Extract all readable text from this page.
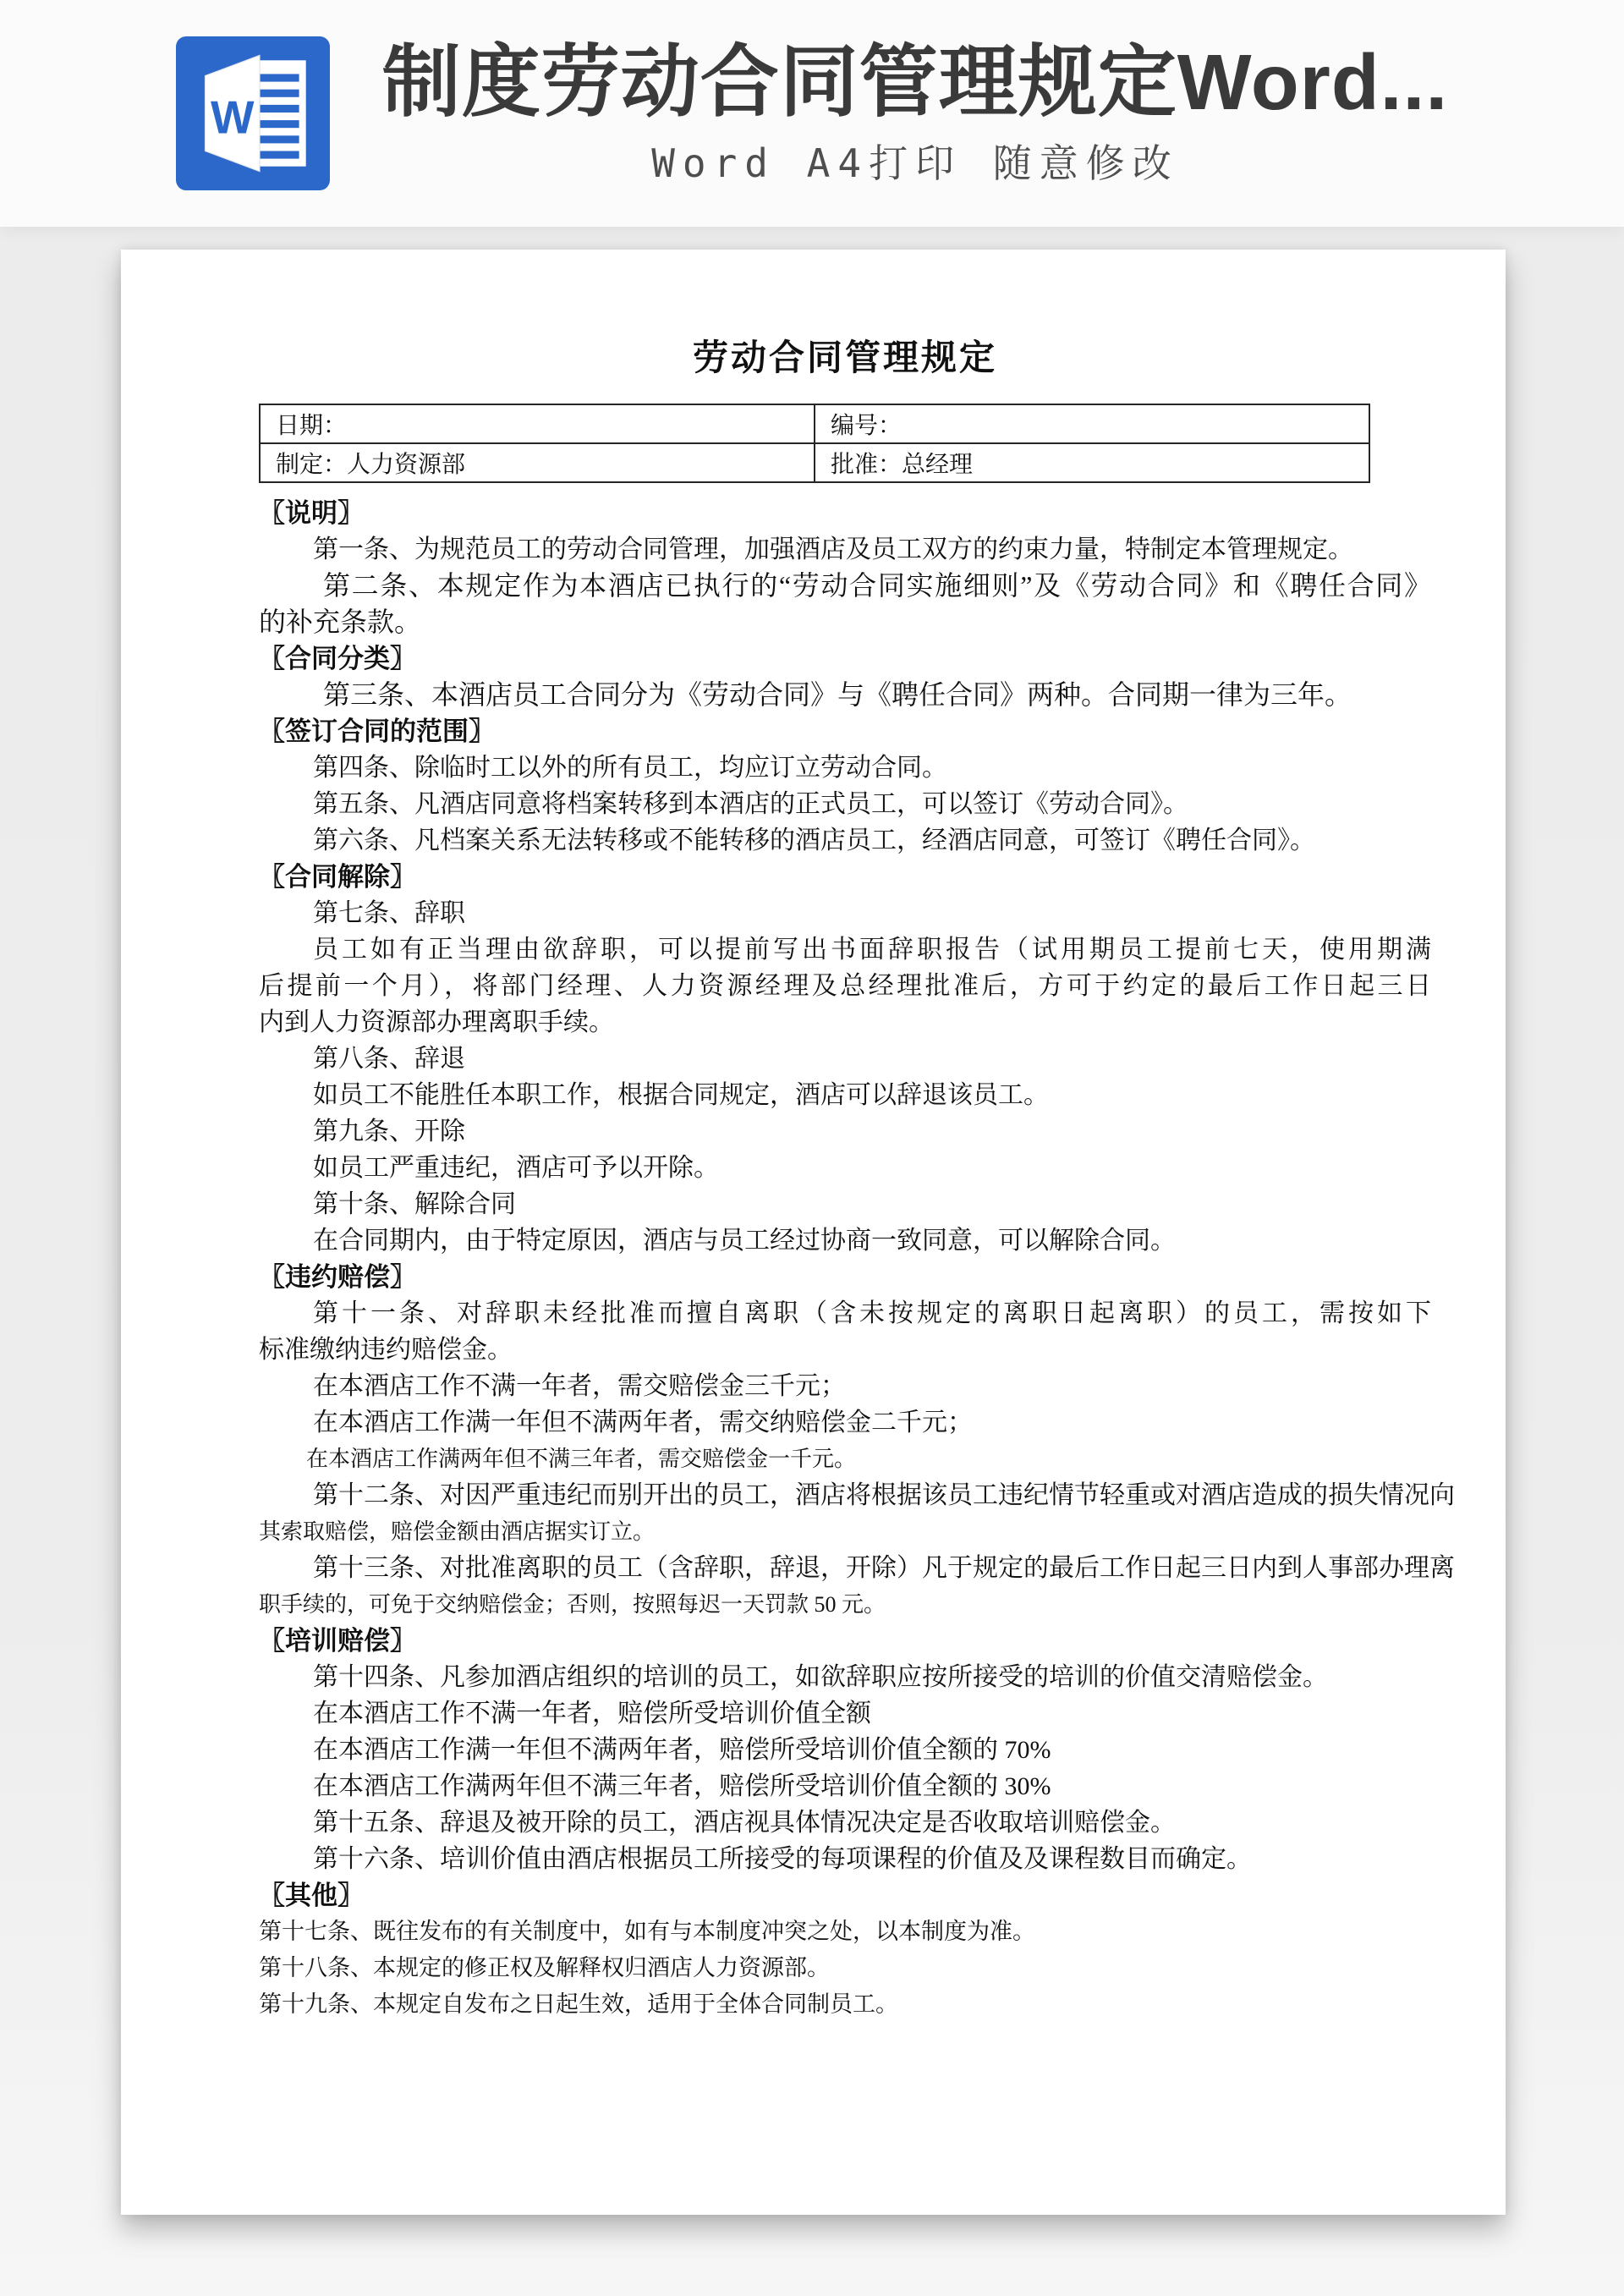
W 制度劳动合同管理规定Word...
Word A4打印 随意修改
劳动合同管理规定
日期：	编号：
制定：人力资源部	批准：总经理
〖说明〗
第一条、为规范员工的劳动合同管理，加强酒店及员工双方的约束力量，特制定本管理规定。
第二条、本规定作为本酒店已执行的“劳动合同实施细则”及《劳动合同》和《聘任合同》
的补充条款。
〖合同分类〗
第三条、本酒店员工合同分为《劳动合同》与《聘任合同》两种。合同期一律为三年。
〖签订合同的范围〗
第四条、除临时工以外的所有员工，均应订立劳动合同。
第五条、凡酒店同意将档案转移到本酒店的正式员工，可以签订《劳动合同》。
第六条、凡档案关系无法转移或不能转移的酒店员工，经酒店同意，可签订《聘任合同》。
〖合同解除〗
第七条、辞职
员工如有正当理由欲辞职，可以提前写出书面辞职报告（试用期员工提前七天，使用期满
后提前一个月），将部门经理、人力资源经理及总经理批准后，方可于约定的最后工作日起三日
内到人力资源部办理离职手续。
第八条、辞退
如员工不能胜任本职工作，根据合同规定，酒店可以辞退该员工。
第九条、开除
如员工严重违纪，酒店可予以开除。
第十条、解除合同
在合同期内，由于特定原因，酒店与员工经过协商一致同意，可以解除合同。
〖违约赔偿〗
第十一条、对辞职未经批准而擅自离职（含未按规定的离职日起离职）的员工，需按如下
标准缴纳违约赔偿金。
在本酒店工作不满一年者，需交赔偿金三千元；
在本酒店工作满一年但不满两年者，需交纳赔偿金二千元；
在本酒店工作满两年但不满三年者，需交赔偿金一千元。
第十二条、对因严重违纪而别开出的员工，酒店将根据该员工违纪情节轻重或对酒店造成的损失情况向
其索取赔偿，赔偿金额由酒店据实订立。
第十三条、对批准离职的员工（含辞职，辞退，开除）凡于规定的最后工作日起三日内到人事部办理离
职手续的，可免于交纳赔偿金；否则，按照每迟一天罚款 50 元。
〖培训赔偿〗
第十四条、凡参加酒店组织的培训的员工，如欲辞职应按所接受的培训的价值交清赔偿金。
在本酒店工作不满一年者，赔偿所受培训价值全额
在本酒店工作满一年但不满两年者，赔偿所受培训价值全额的 70%
在本酒店工作满两年但不满三年者，赔偿所受培训价值全额的 30%
第十五条、辞退及被开除的员工，酒店视具体情况决定是否收取培训赔偿金。
第十六条、培训价值由酒店根据员工所接受的每项课程的价值及及课程数目而确定。
〖其他〗
第十七条、既往发布的有关制度中，如有与本制度冲突之处，以本制度为准。
第十八条、本规定的修正权及解释权归酒店人力资源部。
第十九条、本规定自发布之日起生效，适用于全体合同制员工。
